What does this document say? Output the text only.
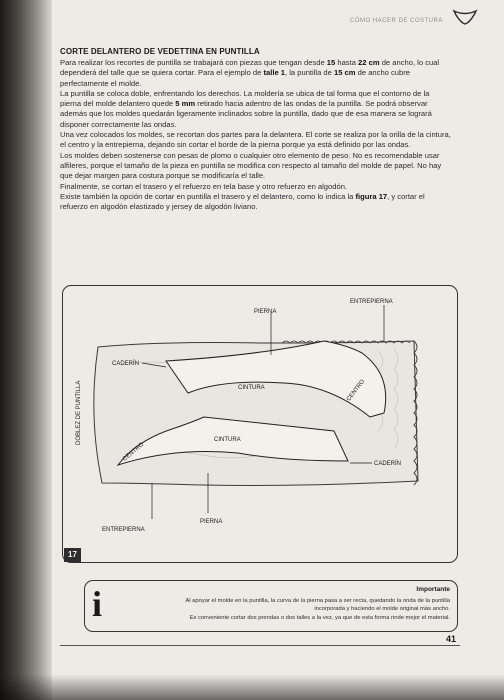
CÓMO HACER DE COSTURA
CORTE DELANTERO DE VEDETTINA EN PUNTILLA

Para realizar los recortes de puntilla se trabajará con piezas que tengan desde 15 hasta 22 cm de ancho, lo cual dependerá del talle que se quiera cortar. Para el ejemplo de talle 1, la puntilla de 15 cm de ancho cubre perfectamente el molde.

La puntilla se coloca doble, enfrentando los derechos. La moldería se ubica de tal forma que el contorno de la pierna del molde delantero quede 5 mm retirado hacia adentro de las ondas de la puntilla. Se podrá observar además que los moldes quedarán ligeramente inclinados sobre la puntilla, dado que de esa manera se logrará disponer correctamente las ondas.

Una vez colocados los moldes, se recortan dos partes para la delantera. El corte se realiza por la orilla de la cintura, el centro y la entrepierna, dejando sin cortar el borde de la pierna porque ya está definido por las ondas.

Los moldes deben sostenerse con pesas de plomo o cualquier otro elemento de peso. No es recomendable usar alfileres, porque el tamaño de la pieza en puntilla se modifica con respecto al tamaño del molde de papel. No hay que dejar margen para costura porque se modificaría el talle.

Finalmente, se cortan el trasero y el refuerzo en tela base y otro refuerzo en algodón.

Existe también la opción de cortar en puntilla el trasero y el delantero, como lo indica la figura 17, y cortar el refuerzo en algodón elastizado y jersey de algodón liviano.

PIERNA
ENTREPIERNA
CADERÍN
CINTURA	CENTRO
DOBLEZ DE PUNTILLA
CENTRO
CINTURA
CADERÍN
ENTREPIERNA
PIERNA
17
i	Importante

Al apoyar el molde en la puntilla, la curva de la pierna pasa a ser recta, quedando la onda de la puntilla

incorporada y haciendo el molde original más ancho.

Es conveniente cortar dos prendas o dos talles a la vez, ya que de esta forma rinde mejor el material.

41
